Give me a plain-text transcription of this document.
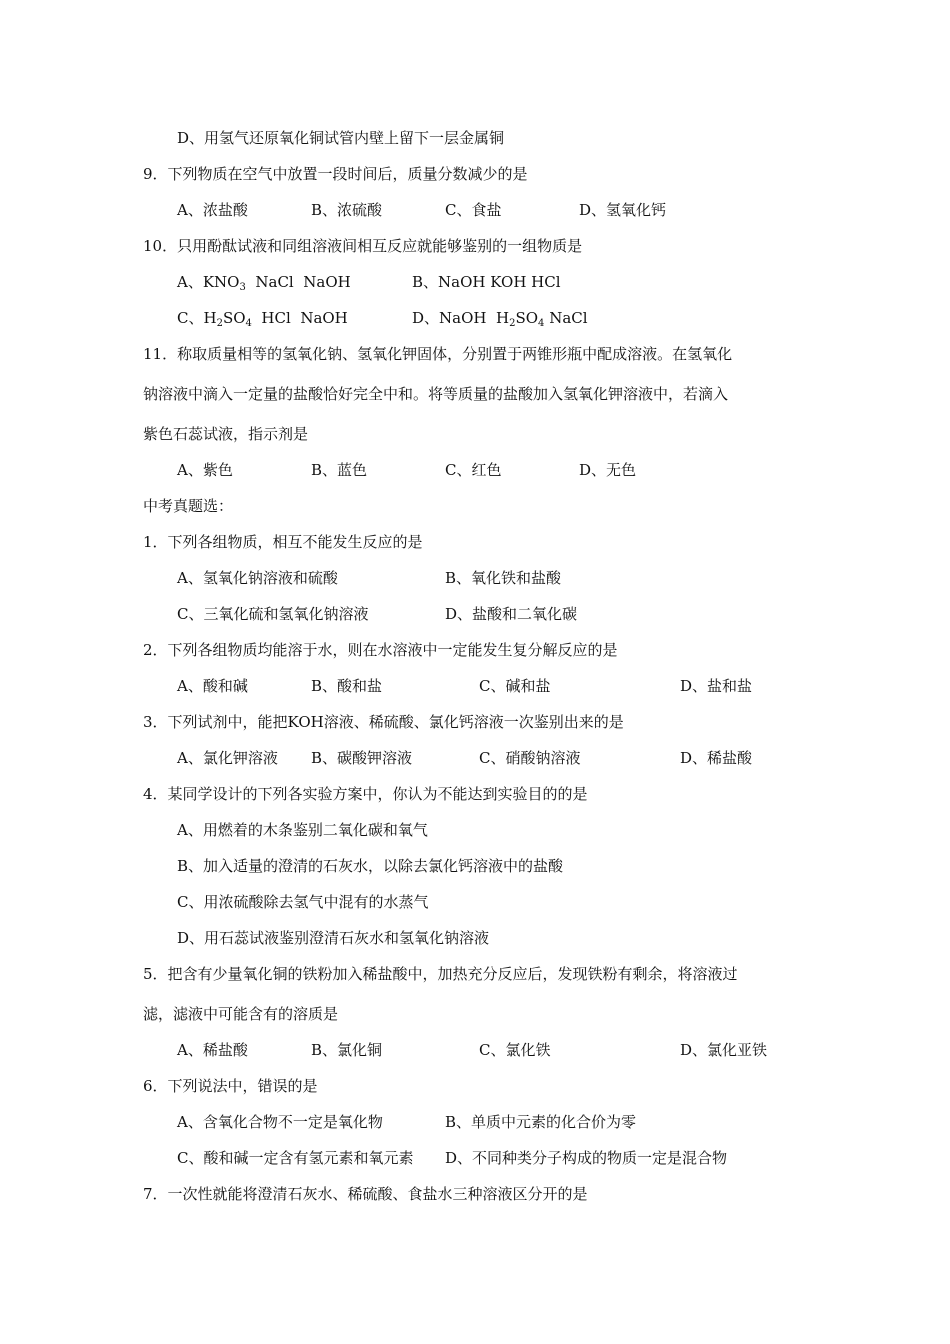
D、用氢气还原氧化铜试管内壁上留下一层金属铜
9．下列物质在空气中放置一段时间后，质量分数减少的是
A、浓盐酸	B、浓硫酸	C、食盐	D、氢氧化钙
10．只用酚酞试液和同组溶液间相互反应就能够鉴别的一组物质是
A、$KNO_3$  NaCl  NaOH	B、NaOH KOH HCl
C、$H_2SO_4$  HCl  NaOH	D、NaOH  $H_2SO_4$ NaCl
11．称取质量相等的氢氧化钠、氢氧化钾固体，分别置于两锥形瓶中配成溶液。在氢氧化
钠溶液中滴入一定量的盐酸恰好完全中和。将等质量的盐酸加入氢氧化钾溶液中，若滴入
紫色石蕊试液，指示剂是
A、紫色	B、蓝色	C、红色	D、无色
中考真题选：
1．下列各组物质，相互不能发生反应的是
A、氢氧化钠溶液和硫酸	B、氧化铁和盐酸
C、三氧化硫和氢氧化钠溶液	D、盐酸和二氧化碳
2．下列各组物质均能溶于水，则在水溶液中一定能发生复分解反应的是
A、酸和碱	B、酸和盐	C、碱和盐	D、盐和盐
3．下列试剂中，能把KOH溶液、稀硫酸、氯化钙溶液一次鉴别出来的是
A、氯化钾溶液 B、碳酸钾溶液	C、硝酸钠溶液	D、稀盐酸
4．某同学设计的下列各实验方案中，你认为不能达到实验目的的是
A、用燃着的木条鉴别二氧化碳和氧气
B、加入适量的澄清的石灰水，以除去氯化钙溶液中的盐酸
C、用浓硫酸除去氢气中混有的水蒸气
D、用石蕊试液鉴别澄清石灰水和氢氧化钠溶液
5．把含有少量氧化铜的铁粉加入稀盐酸中，加热充分反应后，发现铁粉有剩余，将溶液过
滤，滤液中可能含有的溶质是
A、稀盐酸	B、氯化铜	C、氯化铁	D、氯化亚铁
6．下列说法中，错误的是
A、含氧化合物不一定是氧化物	B、单质中元素的化合价为零
C、酸和碱一定含有氢元素和氧元素 D、不同种类分子构成的物质一定是混合物
7．一次性就能将澄清石灰水、稀硫酸、食盐水三种溶液区分开的是
